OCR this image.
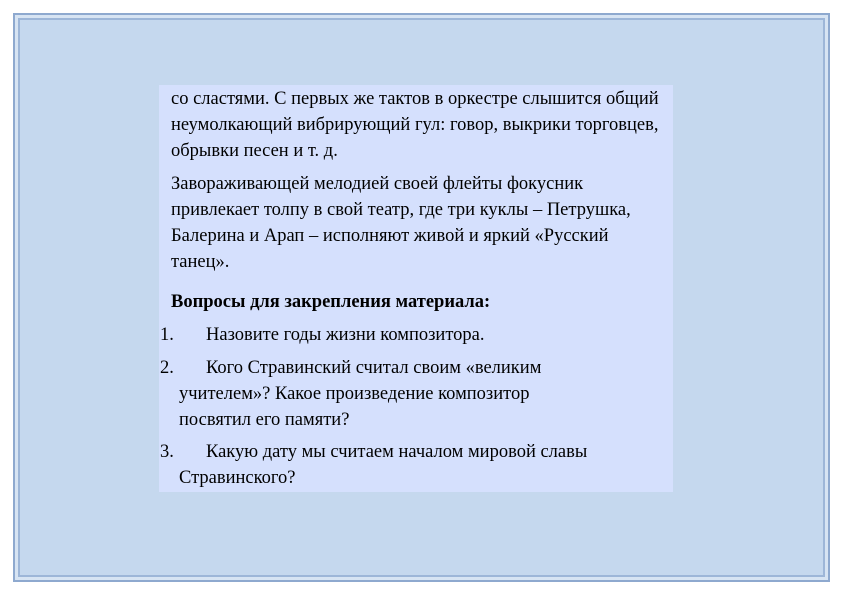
со сластями. С первых же тактов в оркестре слышится общий неумолкающий вибрирующий гул: говор, выкрики торговцев, обрывки песен и т. д.

Завораживающей мелодией своей флейты фокусник привлекает толпу в свой театр, где три куклы – Петрушка, Балерина и Арап – исполняют живой и яркий «Русский танец».

Вопросы для закрепления материала:

1. Назовите годы жизни композитора.
2. Кого Стравинский считал своим «великим
учителем»? Какое произведение композитор
посвятил его памяти?
3. Какую дату мы считаем началом мировой славы
Стравинского?
